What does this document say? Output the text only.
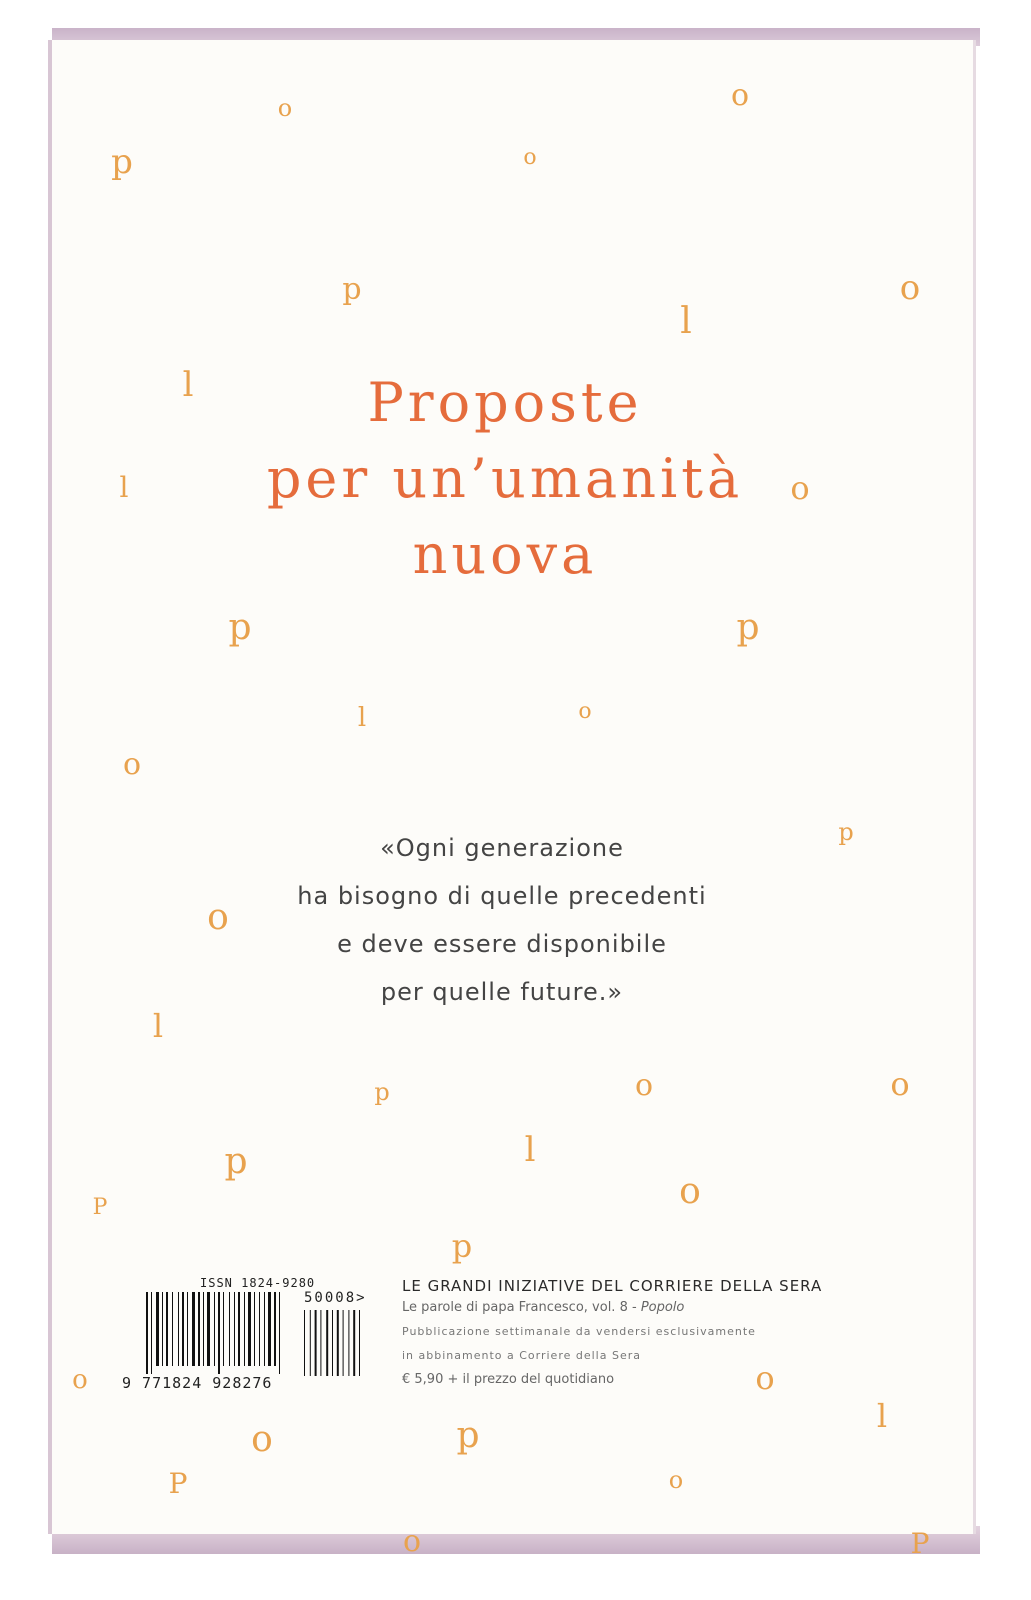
p
o	o
o
p	o
l
l
l	o
p	p
l	o
o
p
o
l
p	o	o
p	l
P	o
p
o	o
o	p	l
P	o
o	P
Proposte
per un’umanità
nuova
«Ogni generazione
ha bisogno di quelle precedenti
e deve essere disponibile
per quelle future.»
ISSN 1824-9280
50008>
9 771824 928276
LE GRANDI INIZIATIVE DEL CORRIERE DELLA SERA
Le parole di papa Francesco, vol. 8 - Popolo
Pubblicazione settimanale da vendersi esclusivamente
in abbinamento a Corriere della Sera
€ 5,90 + il prezzo del quotidiano
